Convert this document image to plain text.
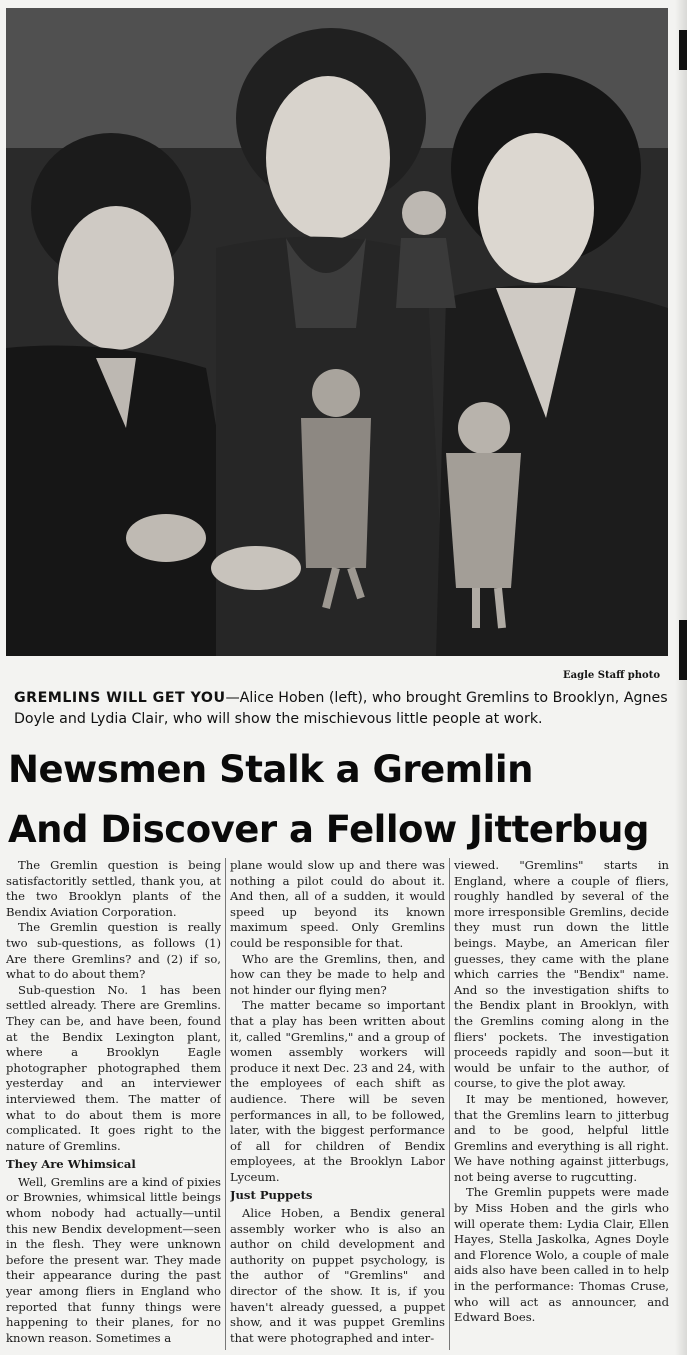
Eagle Staff photo
GREMLINS WILL GET YOU—Alice Hoben (left), who brought Gremlins to Brooklyn, Agnes Doyle and Lydia Clair, who will show the mischievous little people at work.
Newsmen Stalk a Gremlin
And Discover a Fellow Jitterbug

The Gremlin question is being satisfactoritly settled, thank you, at the two Brooklyn plants of the Bendix Aviation Corporation.

The Gremlin question is really two sub-questions, as follows (1) Are there Gremlins? and (2) if so, what to do about them?

Sub-question No. 1 has been settled already. There are Gremlins. They can be, and have been, found at the Bendix Lexington plant, where a Brooklyn Eagle photographer photographed them yesterday and an interviewer interviewed them. The matter of what to do about them is more complicated. It goes right to the nature of Gremlins.

They Are Whimsical

Well, Gremlins are a kind of pixies or Brownies, whimsical little beings whom nobody had actually—until this new Bendix development—seen in the flesh. They were unknown before the present war. They made their appearance during the past year among fliers in England who reported that funny things were happening to their planes, for no known reason. Sometimes a

plane would slow up and there was nothing a pilot could do about it. And then, all of a sudden, it would speed up beyond its known maximum speed. Only Gremlins could be responsible for that.

Who are the Gremlins, then, and how can they be made to help and not hinder our flying men?

The matter became so important that a play has been written about it, called "Gremlins," and a group of women assembly workers will produce it next Dec. 23 and 24, with the employees of each shift as audience. There will be seven performances in all, to be followed, later, with the biggest performance of all for children of Bendix employees, at the Brooklyn Labor Lyceum.

Just Puppets

Alice Hoben, a Bendix general assembly worker who is also an author on child development and authority on puppet psychology, is the author of "Gremlins" and director of the show. It is, if you haven't already guessed, a puppet show, and it was puppet Gremlins that were photographed and inter-

viewed. "Gremlins" starts in England, where a couple of fliers, roughly handled by several of the more irresponsible Gremlins, decide they must run down the little beings. Maybe, an American filer guesses, they came with the plane which carries the "Bendix" name. And so the investigation shifts to the Bendix plant in Brooklyn, with the Gremlins coming along in the fliers' pockets. The investigation proceeds rapidly and soon—but it would be unfair to the author, of course, to give the plot away.

It may be mentioned, however, that the Gremlins learn to jitterbug and to be good, helpful little Gremlins and everything is all right. We have nothing against jitterbugs, not being averse to rugcutting.

The Gremlin puppets were made by Miss Hoben and the girls who will operate them: Lydia Clair, Ellen Hayes, Stella Jaskolka, Agnes Doyle and Florence Wolo, a couple of male aids also have been called in to help in the performance: Thomas Cruse, who will act as announcer, and Edward Boes.
